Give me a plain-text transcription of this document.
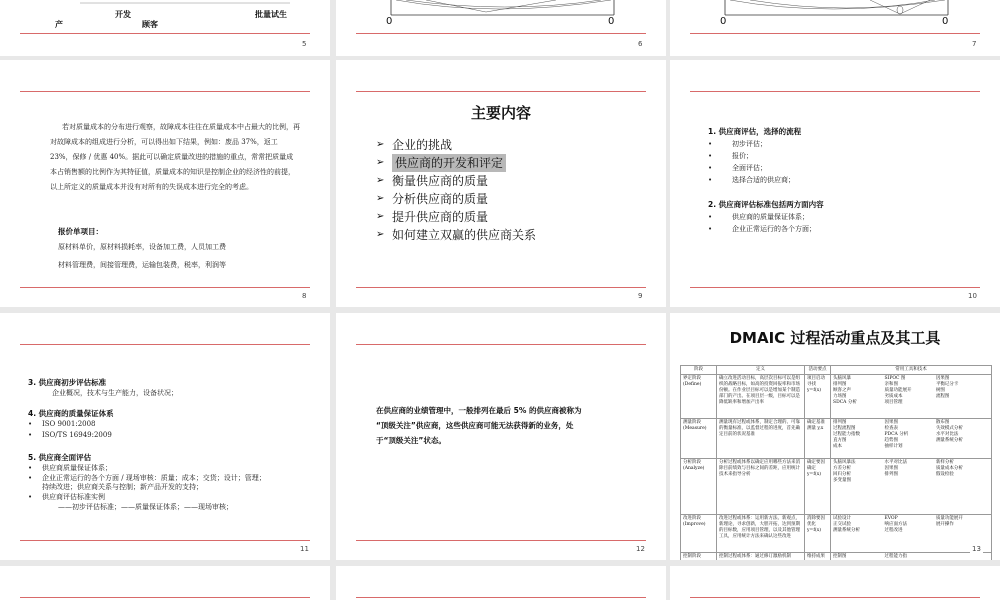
开发	批量试生
产	顾客
5
0	0
6
0	0
7
若对质量成本的分布进行观察，故障成本往往在质量成本中占最大的比例，再对故障成本的组成进行分析，可以得出如下结果，例如：废品 37%，返工 23%，保修 / 优惠 40%。据此可以确定质量改进的措施的重点，常常把质量成本占销售额的比例作为其特征值，质量成本的知识是控制企业的经济性的前提，以上所定义的质量成本并没有对所有的失误成本进行完全的考虑。
报价单项目：
原材料单价，原材料损耗率，设备加工费，人员加工费
材料管理费，间接管理费，运输包装费，税率，利润等
8
主要内容
➢ 企业的挑战
➢ 供应商的开发和评定
➢ 衡量供应商的质量
➢ 分析供应商的质量
➢ 提升供应商的质量
➢ 如何建立双赢的供应商关系
9
1. 供应商评估，选择的流程
•	初步评估；
•	报价；
•	全面评估；
•	选择合适的供应商；
2. 供应商评估标准包括两方面内容
•	供应商的质量保证体系；
•	企业正常运行的各个方面；
10
3. 供应商初步评估标准
企业概况，技术与生产能力，设备状况；
4. 供应商的质量保证体系
• ISO 9001:2008
• ISO/TS 16949:2009
5. 供应商全面评估
• 供应商质量保证体系；
• 企业正常运行的各个方面 / 现场审核：质量；成本；交货；设计；管理；
持续改进；供应商关系与控制；新产品开发的支持；
• 供应商评估标准实例
——初步评估标准；——质量保证体系；——现场审核；
11
在供应商的业绩管理中，一般排列在最后 5% 的供应商被称为
“顶级关注”供应商，这些供应商可能无法获得新的业务，处
于“顶级关注”状态。
12
DMAIC 过程活动重点及其工具
阶段	定义	活动要点	常用工具和技术
界定阶段 (Define)	确立改进活动目标，高层次目标可以是组织的战略目标，如高的投资回报率和市场份额。在作业层目标可以是增加某个制造部门的产出。在项目层一级，目标可以是降低缺率和增加产出率	项目启动 寻找 y=f(x)	头脑风暴 SIPOC 图 因果图排列图 亲和图 平衡记分卡顾客之声 质量功能展开 树图力场图 劣质成本 流程图SDCA 分析 项目管理
测量阶段 (Measure)	测量现有过程或体系，制定合理的、可靠的衡量标准，以监督过程的进度，首先确定目前的状况基准	确定基准 测量 y,x	排列图 因果图 散布图过程流程图 检查表 失效模式分析过程能力指数 PDCA 分析 水平对比法直方图 趋势图 测量系统分析成本 抽样计划
分析阶段 (Analyze)	分析过程或体系以确定应用哪些方法来消除目前绩效与目标之间的差距，应用统计技术来指导分析	确定要因 确定 y=f(x)	头脑风暴法 水平对比法 新样分析方差分析 因果图 质量成本分析回归分析 排列图 假设检验多变量图
改进阶段 (Improve)	改进过程或体系：运用新方法、新观点，新理论，寻求创新，大胆开拓，达到预期的目标数，应用项目管理，以及其他管理工具，应用统计方法来确认这些改进	消除要因 优化 y=f(x)	试验设计 EVOP 质量功能展开正交试验 响应面方法 展开操作测量系统分析 过程改进
控制阶段	控制过程或体系：通过修订激励机制	维持成果	控制图 过程能力指
13
